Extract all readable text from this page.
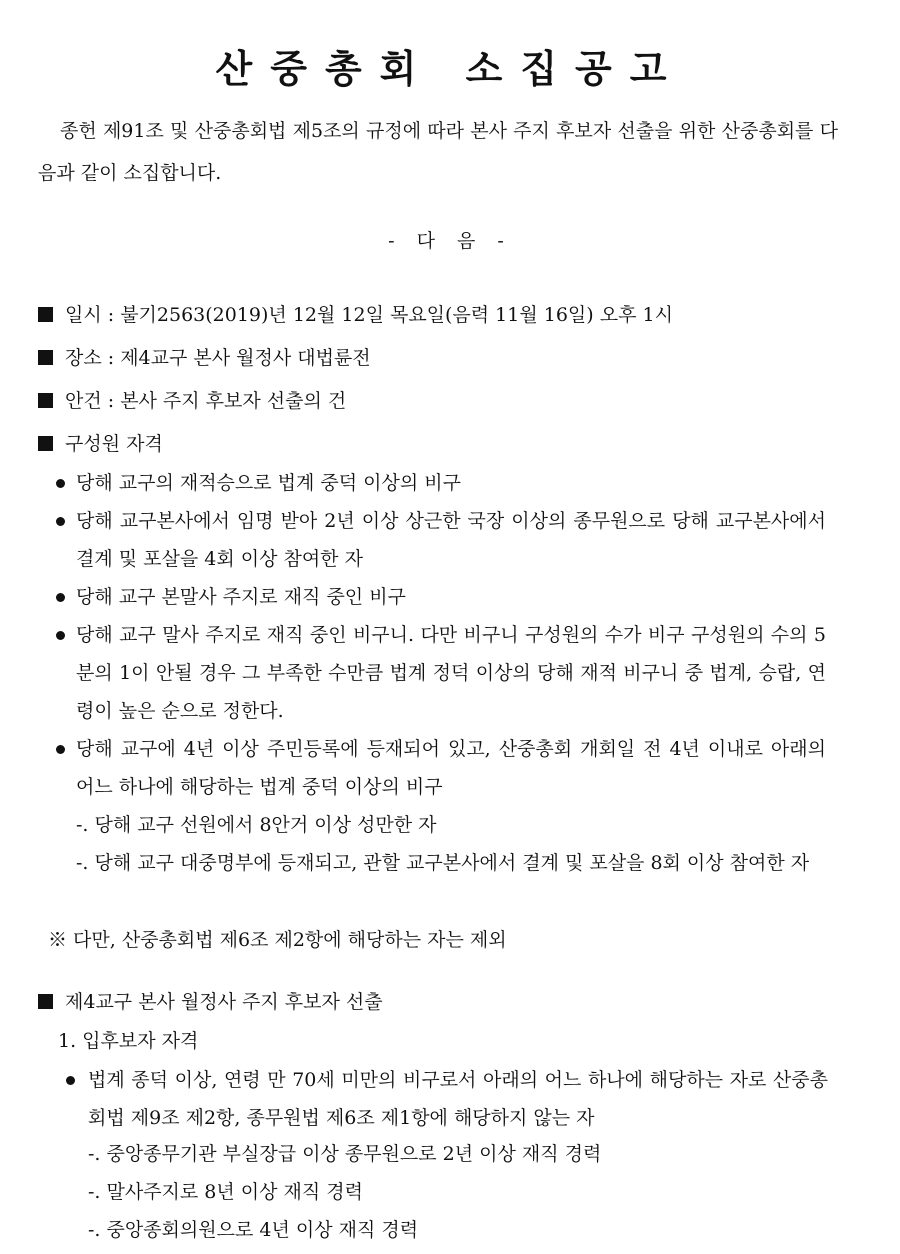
산중총회 소집공고
종헌 제91조 및 산중총회법 제5조의 규정에 따라 본사 주지 후보자 선출을 위한 산중총회를 다음과 같이 소집합니다.
- 다 음 -
일시 : 불기2563(2019)년 12월 12일 목요일(음력 11월 16일) 오후 1시
장소 : 제4교구 본사 월정사 대법륜전
안건 : 본사 주지 후보자 선출의 건
구성원 자격
당해 교구의 재적승으로 법계 중덕 이상의 비구
당해 교구본사에서 임명 받아 2년 이상 상근한 국장 이상의 종무원으로 당해 교구본사에서 결계 및 포살을 4회 이상 참여한 자
당해 교구 본말사 주지로 재직 중인 비구
당해 교구 말사 주지로 재직 중인 비구니. 다만 비구니 구성원의 수가 비구 구성원의 수의 5분의 1이 안될 경우 그 부족한 수만큼 법계 정덕 이상의 당해 재적 비구니 중 법계, 승랍, 연령이 높은 순으로 정한다.
당해 교구에 4년 이상 주민등록에 등재되어 있고, 산중총회 개회일 전 4년 이내로 아래의 어느 하나에 해당하는 법계 중덕 이상의 비구
-. 당해 교구 선원에서 8안거 이상 성만한 자
-. 당해 교구 대중명부에 등재되고, 관할 교구본사에서 결계 및 포살을 8회 이상 참여한 자
※ 다만, 산중총회법 제6조 제2항에 해당하는 자는 제외
제4교구 본사 월정사 주지 후보자 선출
1. 입후보자 자격
법계 종덕 이상, 연령 만 70세 미만의 비구로서 아래의 어느 하나에 해당하는 자로 산중총회법 제9조 제2항, 종무원법 제6조 제1항에 해당하지 않는 자
-. 중앙종무기관 부실장급 이상 종무원으로 2년 이상 재직 경력
-. 말사주지로 8년 이상 재직 경력
-. 중앙종회의원으로 4년 이상 재직 경력
